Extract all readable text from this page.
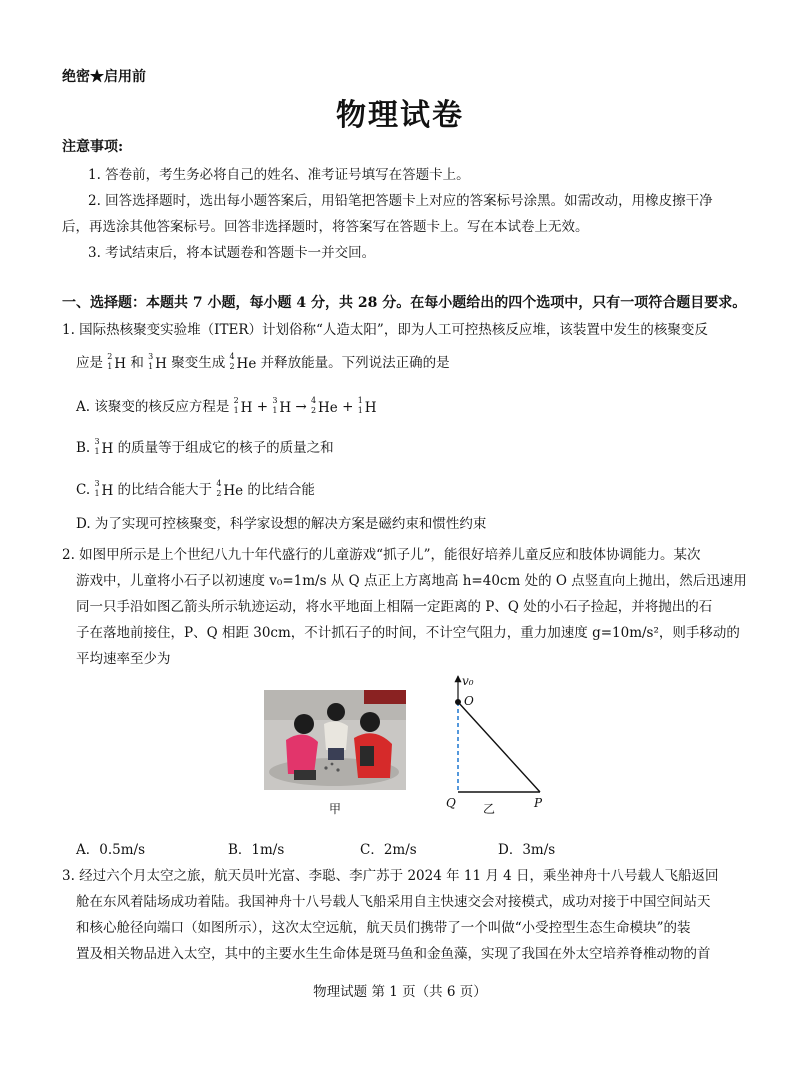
绝密★启用前
物理试卷
注意事项:
1. 答卷前，考生务必将自己的姓名、准考证号填写在答题卡上。
2. 回答选择题时，选出每小题答案后，用铅笔把答题卡上对应的答案标号涂黑。如需改动，用橡皮擦干净
后，再选涂其他答案标号。回答非选择题时，将答案写在答题卡上。写在本试卷上无效。
3. 考试结束后，将本试题卷和答题卡一并交回。
一、选择题：本题共 7 小题，每小题 4 分，共 28 分。在每小题给出的四个选项中，只有一项符合题目要求。
1. 国际热核聚变实验堆（ITER）计划俗称“人造太阳”，即为人工可控热核反应堆，该装置中发生的核聚变反
应是 2
1 H 和 3
1 H 聚变生成 4
2 He 并释放能量。下列说法正确的是
A. 该聚变的核反应方程是 2
1 H + 3
1 H → 4
2 He + 1
1 H
B. 3
1 H 的质量等于组成它的核子的质量之和
C. 3
1 H 的比结合能大于 4
2 He 的比结合能
D. 为了实现可控核聚变，科学家设想的解决方案是磁约束和惯性约束
2. 如图甲所示是上个世纪八九十年代盛行的儿童游戏“抓子儿”，能很好培养儿童反应和肢体协调能力。某次
游戏中，儿童将小石子以初速度 v₀=1m/s 从 Q 点正上方离地高 h=40cm 处的 O 点竖直向上抛出，然后迅速用
同一只手沿如图乙箭头所示轨迹运动，将水平地面上相隔一定距离的 P、Q 处的小石子捡起，并将抛出的石
子在落地前接住，P、Q 相距 30cm，不计抓石子的时间，不计空气阻力，重力加速度 g=10m/s²，则手移动的
平均速率至少为
甲
v₀
O
Q	P
乙
A．0.5m/s	B．1m/s	C．2m/s	D．3m/s
3. 经过六个月太空之旅，航天员叶光富、李聪、李广苏于 2024 年 11 月 4 日，乘坐神舟十八号载人飞船返回
舱在东风着陆场成功着陆。我国神舟十八号载人飞船采用自主快速交会对接模式，成功对接于中国空间站天
和核心舱径向端口（如图所示），这次太空远航，航天员们携带了一个叫做“小受控型生态生命模块”的装
置及相关物品进入太空，其中的主要水生生命体是斑马鱼和金鱼藻，实现了我国在外太空培养脊椎动物的首
物理试题 第 1 页（共 6 页）
